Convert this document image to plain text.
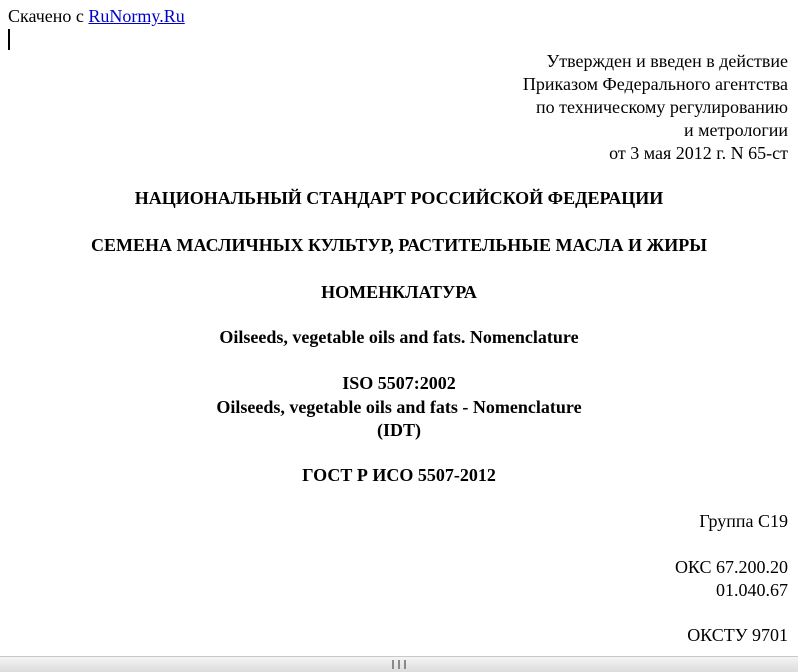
Скачено с RuNormy.Ru
Утвержден и введен в действие
Приказом Федерального агентства
по техническому регулированию
и метрологии
от 3 мая 2012 г. N 65-ст
НАЦИОНАЛЬНЫЙ СТАНДАРТ РОССИЙСКОЙ ФЕДЕРАЦИИ
СЕМЕНА МАСЛИЧНЫХ КУЛЬТУР, РАСТИТЕЛЬНЫЕ МАСЛА И ЖИРЫ
НОМЕНКЛАТУРА
Oilseeds, vegetable oils and fats. Nomenclature
ISO 5507:2002
Oilseeds, vegetable oils and fats - Nomenclature
(IDT)
ГОСТ Р ИСО 5507-2012
Группа С19
ОКС 67.200.20
01.040.67
ОКСТУ 9701
